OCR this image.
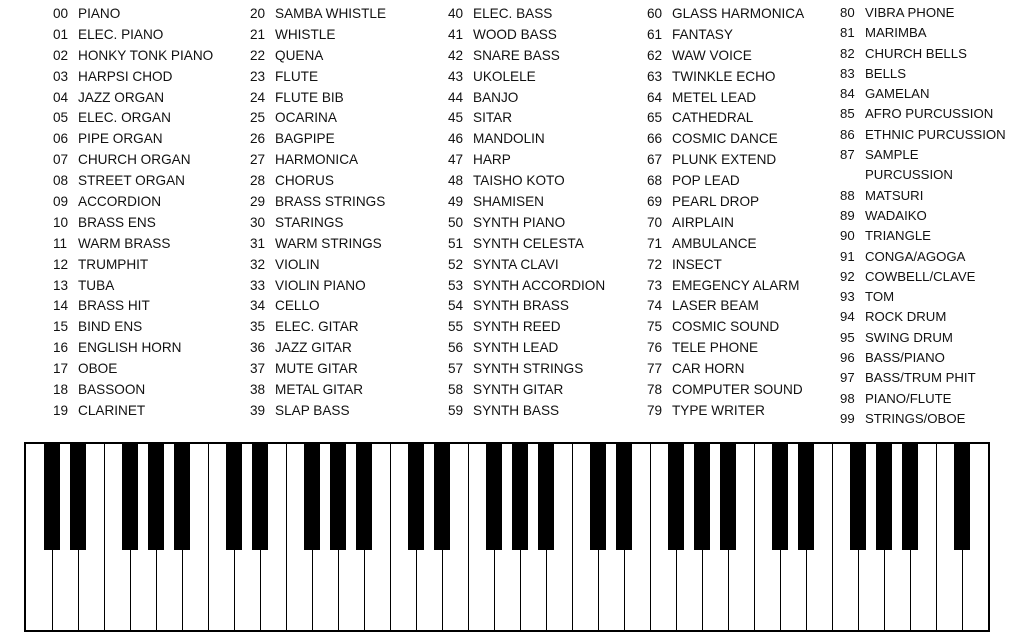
00 PIANO
01 ELEC. PIANO
02 HONKY TONK PIANO
03 HARPSI CHOD
04 JAZZ ORGAN
05 ELEC. ORGAN
06 PIPE ORGAN
07 CHURCH ORGAN
08 STREET ORGAN
09 ACCORDION
10 BRASS ENS
11 WARM BRASS
12 TRUMPHIT
13 TUBA
14 BRASS HIT
15 BIND ENS
16 ENGLISH HORN
17 OBOE
18 BASSOON
19 CLARINET
20 SAMBA WHISTLE
21 WHISTLE
22 QUENA
23 FLUTE
24 FLUTE BIB
25 OCARINA
26 BAGPIPE
27 HARMONICA
28 CHORUS
29 BRASS STRINGS
30 STARINGS
31 WARM STRINGS
32 VIOLIN
33 VIOLIN PIANO
34 CELLO
35 ELEC. GITAR
36 JAZZ GITAR
37 MUTE GITAR
38 METAL GITAR
39 SLAP BASS
40 ELEC. BASS
41 WOOD BASS
42 SNARE BASS
43 UKOLELE
44 BANJO
45 SITAR
46 MANDOLIN
47 HARP
48 TAISHO KOTO
49 SHAMISEN
50 SYNTH PIANO
51 SYNTH CELESTA
52 SYNTA CLAVI
53 SYNTH ACCORDION
54 SYNTH BRASS
55 SYNTH REED
56 SYNTH LEAD
57 SYNTH STRINGS
58 SYNTH GITAR
59 SYNTH BASS
60 GLASS HARMONICA
61 FANTASY
62 WAW VOICE
63 TWINKLE ECHO
64 METEL LEAD
65 CATHEDRAL
66 COSMIC DANCE
67 PLUNK EXTEND
68 POP LEAD
69 PEARL DROP
70 AIRPLAIN
71 AMBULANCE
72 INSECT
73 EMEGENCY ALARM
74 LASER BEAM
75 COSMIC SOUND
76 TELE PHONE
77 CAR HORN
78 COMPUTER SOUND
79 TYPE WRITER
80 VIBRA PHONE
81 MARIMBA
82 CHURCH BELLS
83 BELLS
84 GAMELAN
85 AFRO PURCUSSION
86 ETHNIC PURCUSSION
87 SAMPLE
PURCUSSION
88 MATSURI
89 WADAIKO
90 TRIANGLE
91 CONGA/AGOGA
92 COWBELL/CLAVE
93 TOM
94 ROCK DRUM
95 SWING DRUM
96 BASS/PIANO
97 BASS/TRUM PHIT
98 PIANO/FLUTE
99 STRINGS/OBOE
